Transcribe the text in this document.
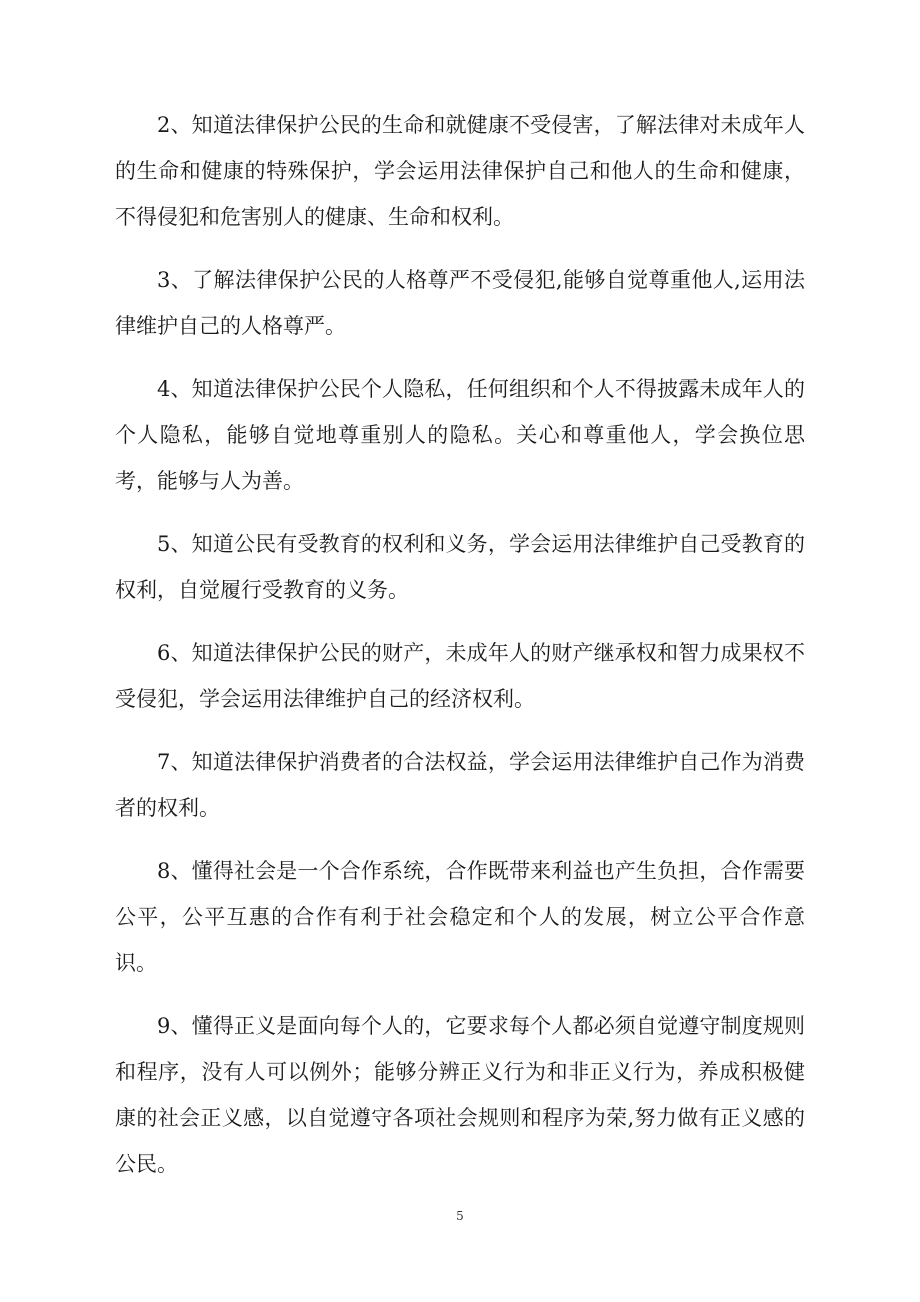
2、知道法律保护公民的生命和就健康不受侵害，了解法律对未成年人的生命和健康的特殊保护，学会运用法律保护自己和他人的生命和健康，不得侵犯和危害别人的健康、生命和权利。

3、了解法律保护公民的人格尊严不受侵犯,能够自觉尊重他人,运用法律维护自己的人格尊严。

4、知道法律保护公民个人隐私，任何组织和个人不得披露未成年人的个人隐私，能够自觉地尊重别人的隐私。关心和尊重他人，学会换位思考，能够与人为善。

5、知道公民有受教育的权利和义务，学会运用法律维护自己受教育的权利，自觉履行受教育的义务。

6、知道法律保护公民的财产，未成年人的财产继承权和智力成果权不受侵犯，学会运用法律维护自己的经济权利。

7、知道法律保护消费者的合法权益，学会运用法律维护自己作为消费者的权利。

8、懂得社会是一个合作系统，合作既带来利益也产生负担，合作需要公平，公平互惠的合作有利于社会稳定和个人的发展，树立公平合作意识。

9、懂得正义是面向每个人的，它要求每个人都必须自觉遵守制度规则和程序，没有人可以例外；能够分辨正义行为和非正义行为，养成积极健康的社会正义感，以自觉遵守各项社会规则和程序为荣,努力做有正义感的公民。

5
